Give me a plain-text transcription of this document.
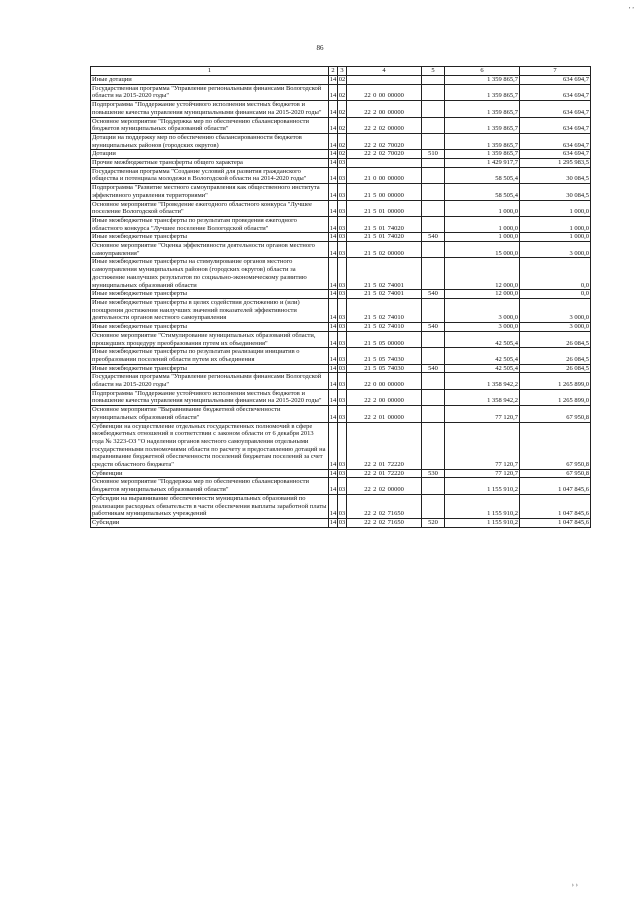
, ,
86
1	2	3	4	5	6	7
Иные дотации	14	02			1 359 865,7	634 694,7
Государственная программа "Управление региональными финансами Вологодской области на 2015-2020 годы"	14	02	22 0 00 00000		1 359 865,7	634 694,7
Подпрограмма "Поддержание устойчивого исполнения местных бюджетов и повышение качества управления муниципальными финансами на 2015-2020 годы"	14	02	22 2 00 00000		1 359 865,7	634 694,7
Основное мероприятие "Поддержка мер по обеспечению сбалансированности бюджетов муниципальных образований области"	14	02	22 2 02 00000		1 359 865,7	634 694,7
Дотации на поддержку мер по обеспечению сбалансированности бюджетов муниципальных районов (городских округов)	14	02	22 2 02 70020		1 359 865,7	634 694,7
Дотации	14	02	22 2 02 70020	510	1 359 865,7	634 694,7
Прочие межбюджетные трансферты общего характера	14	03			1 429 917,7	1 295 983,5
Государственная программа "Создание условий для развития гражданского общества и потенциала молодежи в Вологодской области на 2014-2020 годы"	14	03	21 0 00 00000		58 505,4	30 084,5
Подпрограмма "Развитие местного самоуправления как общественного института эффективного управления территориями"	14	03	21 5 00 00000		58 505,4	30 084,5
Основное мероприятие "Проведение ежегодного областного конкурса "Лучшее поселение Вологодской области"	14	03	21 5 01 00000		1 000,0	1 000,0
Иные межбюджетные трансферты по результатам проведения ежегодного областного конкурса "Лучшее поселение Вологодской области"	14	03	21 5 01 74020		1 000,0	1 000,0
Иные межбюджетные трансферты	14	03	21 5 01 74020	540	1 000,0	1 000,0
Основное мероприятие "Оценка эффективности деятельности органов местного самоуправления"	14	03	21 5 02 00000		15 000,0	3 000,0
Иные межбюджетные трансферты на стимулирование органов местного самоуправления муниципальных районов (городских округов) области за достижение наилучших результатов по социально-экономическому развитию муниципальных образований области	14	03	21 5 02 74001		12 000,0	0,0
Иные межбюджетные трансферты	14	03	21 5 02 74001	540	12 000,0	0,0
Иные межбюджетные трансферты в целях содействия достижению и (или) поощрения достижения наилучших значений показателей эффективности деятельности органов местного самоуправления	14	03	21 5 02 74010		3 000,0	3 000,0
Иные межбюджетные трансферты	14	03	21 5 02 74010	540	3 000,0	3 000,0
Основное мероприятие "Стимулирование муниципальных образований области, прошедших процедуру преобразования путем их объединения"	14	03	21 5 05 00000		42 505,4	26 084,5
Иные межбюджетные трансферты по результатам реализации инициатив о преобразовании поселений области путем их объединения	14	03	21 5 05 74030		42 505,4	26 084,5
Иные межбюджетные трансферты	14	03	21 5 05 74030	540	42 505,4	26 084,5
Государственная программа "Управление региональными финансами Вологодской области на 2015-2020 годы"	14	03	22 0 00 00000		1 358 942,2	1 265 899,0
Подпрограмма "Поддержание устойчивого исполнения местных бюджетов и повышение качества управления муниципальными финансами на 2015-2020 годы"	14	03	22 2 00 00000		1 358 942,2	1 265 899,0
Основное мероприятие "Выравнивание бюджетной обеспеченности муниципальных образований области"	14	03	22 2 01 00000		77 120,7	67 950,8
Субвенции на осуществление отдельных государственных полномочий в сфере межбюджетных отношений в соответствии с законом области от 6 декабря 2013 года № 3223-ОЗ "О наделении органов местного самоуправления отдельными государственными полномочиями области по расчету и предоставлению дотаций на выравнивание бюджетной обеспеченности поселений бюджетам поселений за счет средств областного бюджета"	14	03	22 2 01 72220		77 120,7	67 950,8
Субвенции	14	03	22 2 01 72220	530	77 120,7	67 950,8
Основное мероприятие "Поддержка мер по обеспечению сбалансированности бюджетов муниципальных образований области"	14	03	22 2 02 00000		1 155 910,2	1 047 845,6
Субсидии на выравнивание обеспеченности муниципальных образований по реализации расходных обязательств в части обеспечения выплаты заработной платы работникам муниципальных учреждений	14	03	22 2 02 71650		1 155 910,2	1 047 845,6
Субсидии	14	03	22 2 02 71650	520	1 155 910,2	1 047 845,6
› ›
